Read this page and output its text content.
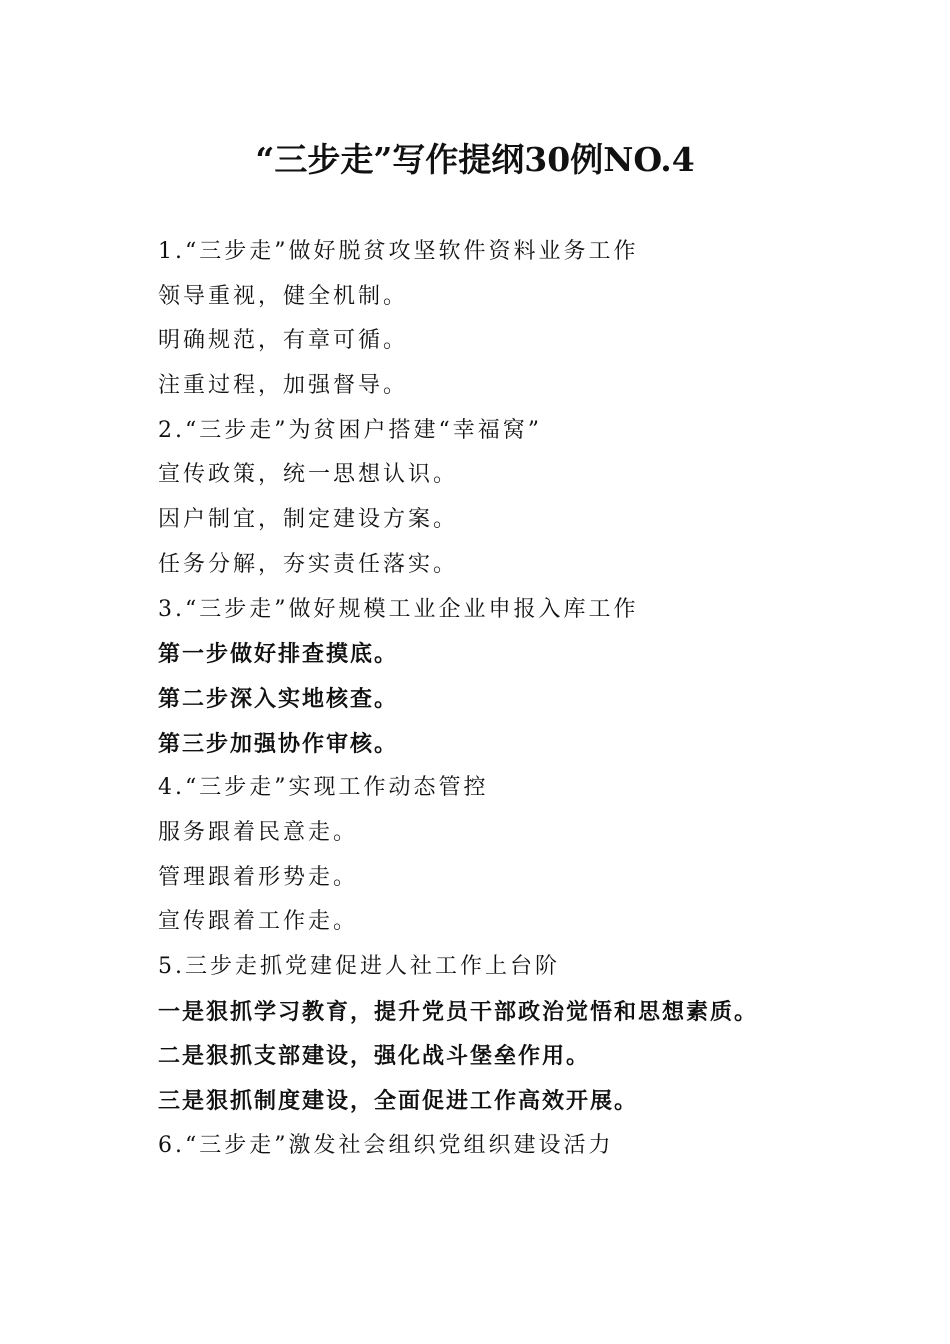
“三步走”写作提纲30例NO.4
1.“三步走”做好脱贫攻坚软件资料业务工作
领导重视，健全机制。
明确规范，有章可循。
注重过程，加强督导。
2.“三步走”为贫困户搭建“幸福窝”
宣传政策，统一思想认识。
因户制宜，制定建设方案。
任务分解，夯实责任落实。
3.“三步走”做好规模工业企业申报入库工作
第一步做好排查摸底。
第二步深入实地核查。
第三步加强协作审核。
4.“三步走”实现工作动态管控
服务跟着民意走。
管理跟着形势走。
宣传跟着工作走。
5.三步走抓党建促进人社工作上台阶
一是狠抓学习教育，提升党员干部政治觉悟和思想素质。
二是狠抓支部建设，强化战斗堡垒作用。
三是狠抓制度建设，全面促进工作高效开展。
6.“三步走”激发社会组织党组织建设活力
